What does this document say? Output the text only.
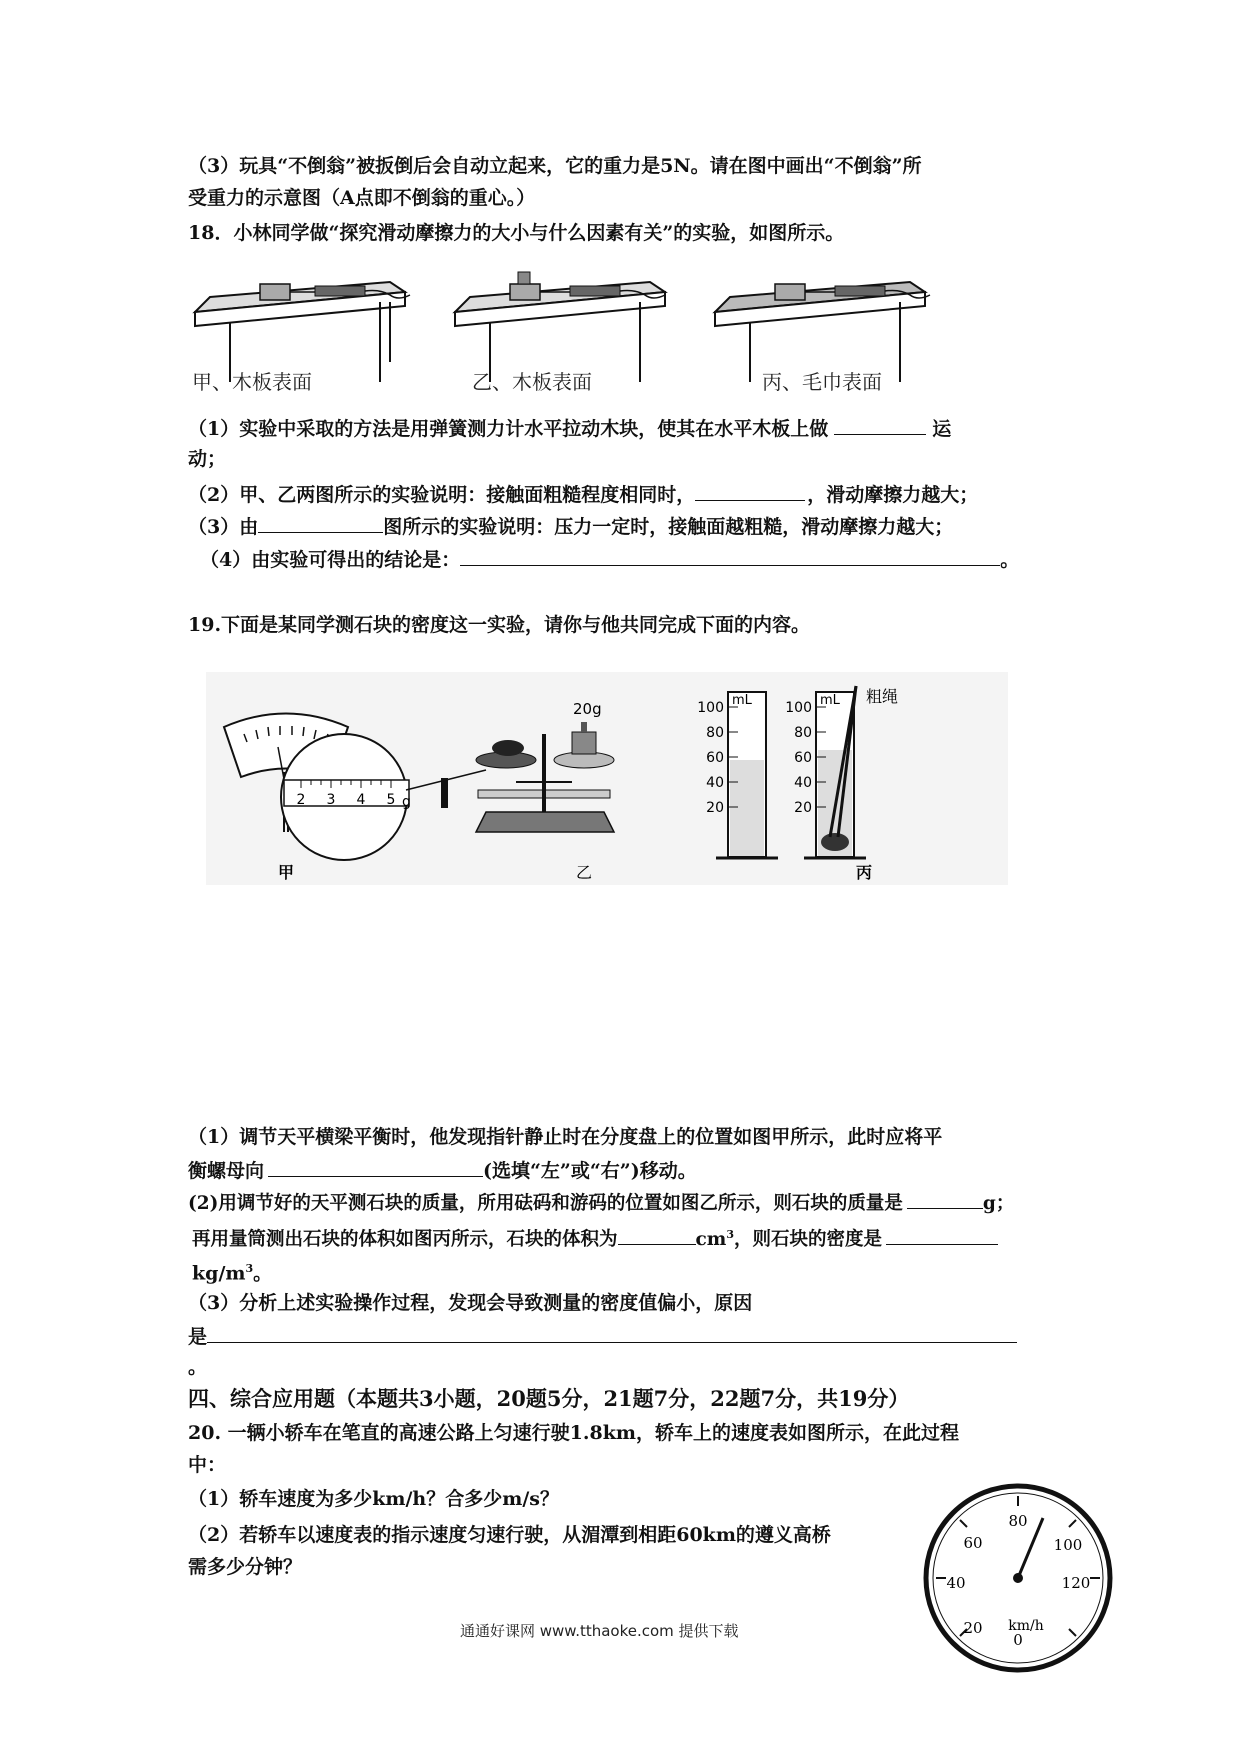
（3）玩具“不倒翁”被扳倒后会自动立起来，它的重力是5N。请在图中画出“不倒翁”所
受重力的示意图（A点即不倒翁的重心。）
18．小林同学做“探究滑动摩擦力的大小与什么因素有关”的实验，如图所示。
甲、木板表面	乙、木板表面	丙、毛巾表面
（1）实验中采取的方法是用弹簧测力计水平拉动木块，使其在水平木板上做	运
动；
（2）甲、乙两图所示的实验说明：接触面粗糙程度相同时，	，滑动摩擦力越大；
（3）由	图所示的实验说明：压力一定时，接触面越粗糙，滑动摩擦力越大；
（4）由实验可得出的结论是：	。
19.下面是某同学测石块的密度这一实验，请你与他共同完成下面的内容。
2 3 4 5 g
20g	mL	mL 粗绳
100
80
60
40
20
100
80
60
40
20
甲	乙	丙
（1）调节天平横梁平衡时，他发现指针静止时在分度盘上的位置如图甲所示，此时应将平
衡螺母向	(选填“左”或“右”)移动。
(2)用调节好的天平测石块的质量，所用砝码和游码的位置如图乙所示，则石块的质量是	g；
再用量筒测出石块的体积如图丙所示，石块的体积为	$cm^3$，则石块的密度是
$kg/m^3$。
（3）分析上述实验操作过程，发现会导致测量的密度值偏小，原因
是
。
四、综合应用题（本题共3小题，20题5分，21题7分，22题7分，共19分）
20. 一辆小轿车在笔直的高速公路上匀速行驶1.8km，轿车上的速度表如图所示，在此过程
中：
（1）轿车速度为多少km/h？合多少m/s？
（2）若轿车以速度表的指示速度匀速行驶，从湄潭到相距60km的遵义高桥
需多少分钟？
0
20
40
60
80
100
120
km/h
通通好课网 www.tthaoke.com 提供下载
